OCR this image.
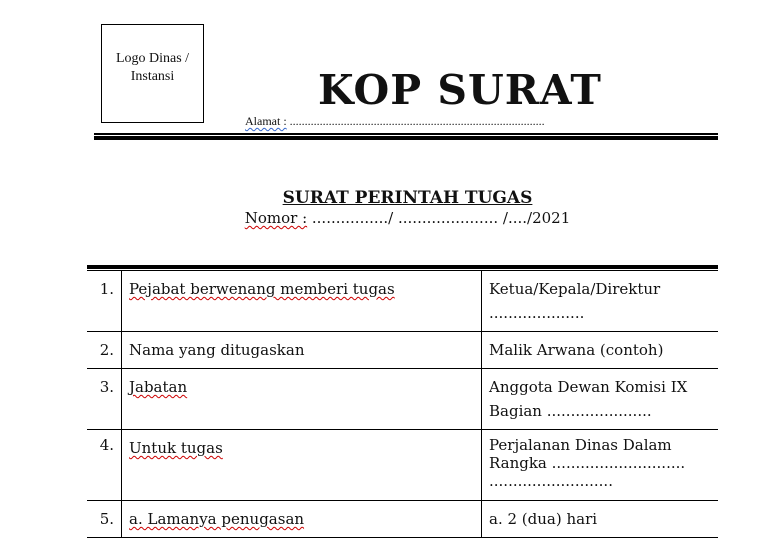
Logo Dinas /
Instansi	KOP SURAT
Alamat : .....................................................................................
SURAT PERINTAH TUGAS
Nomor : ................/ ..................... /..../2021
1.	Pejabat berwenang memberi tugas	Ketua/Kepala/Direktur
....................
2.	Nama yang ditugaskan	Malik Arwana (contoh)
3.	Jabatan	Anggota Dewan Komisi IX
Bagian ......................
4.	Untuk tugas	Perjalanan Dinas Dalam
Rangka ............................
..........................
5.	a. Lamanya penugasan	a. 2 (dua) hari
